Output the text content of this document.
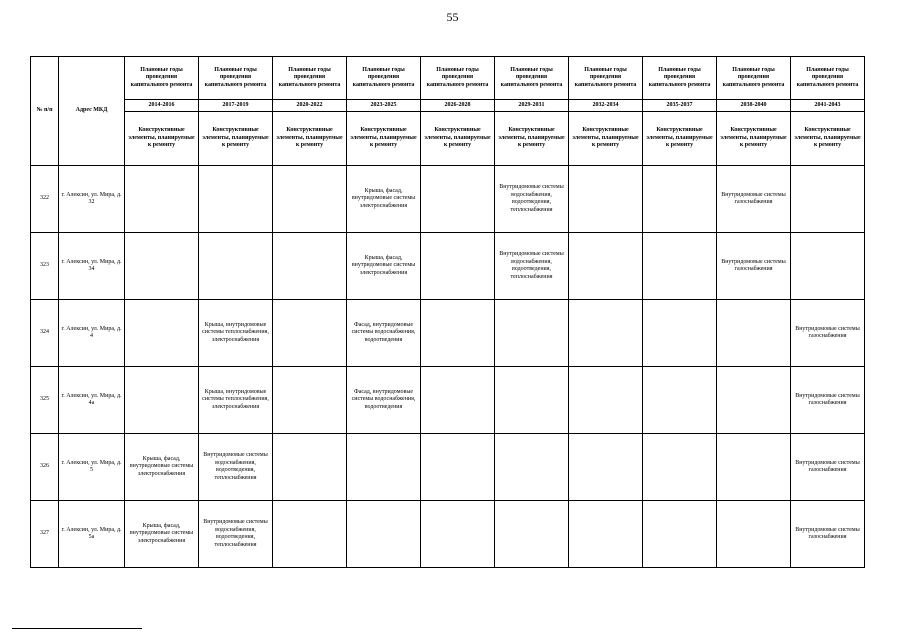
55
№ п/п	Адрес МКД	Плановые годы проведения капитального ремонта	Плановые годы проведения капитального ремонта	Плановые годы проведения капитального ремонта	Плановые годы проведения капитального ремонта	Плановые годы проведения капитального ремонта	Плановые годы проведения капитального ремонта	Плановые годы проведения капитального ремонта	Плановые годы проведения капитального ремонта	Плановые годы проведения капитального ремонта	Плановые годы проведения капитального ремонта
		2014-2016	2017-2019	2020-2022	2023-2025	2026-2028	2029-2031	2032-2034	2035-2037	2038-2040	2041-2043
		Конструктивные элементы, планируемые к ремонту	Конструктивные элементы, планируемые к ремонту	Конструктивные элементы, планируемые к ремонту	Конструктивные элементы, планируемые к ремонту	Конструктивные элементы, планируемые к ремонту	Конструктивные элементы, планируемые к ремонту	Конструктивные элементы, планируемые к ремонту	Конструктивные элементы, планируемые к ремонту	Конструктивные элементы, планируемые к ремонту	Конструктивные элементы, планируемые к ремонту
322	г. Алексин, ул. Мира, д. 32				Крыша, фасад, внутридомовые системы электроснабжения		Внутридомовые системы водоснабжения, водоотведения, теплоснабжения			Внутридомовые системы газоснабжения	
323	г. Алексин, ул. Мира, д. 34				Крыша, фасад, внутридомовые системы электроснабжения		Внутридомовые системы водоснабжения, водоотведения, теплоснабжения			Внутридомовые системы газоснабжения	
324	г. Алексин, ул. Мира, д. 4		Крыша, внутридомовые системы теплоснабжения, электроснабжения		Фасад, внутридомовые системы водоснабжения, водоотведения						Внутридомовые системы газоснабжения
325	г. Алексин, ул. Мира, д. 4а		Крыша, внутридомовые системы теплоснабжения, электроснабжения		Фасад, внутридомовые системы водоснабжения, водоотведения						Внутридомовые системы газоснабжения
326	г. Алексин, ул. Мира, д. 5	Крыша, фасад, внутридомовые системы электроснабжения	Внутридомовые системы водоснабжения, водоотведения, теплоснабжения								Внутридомовые системы газоснабжения
327	г. Алексин, ул. Мира, д. 5а	Крыша, фасад, внутридомовые системы электроснабжения	Внутридомовые системы водоснабжения, водоотведения, теплоснабжения								Внутридомовые системы газоснабжения
